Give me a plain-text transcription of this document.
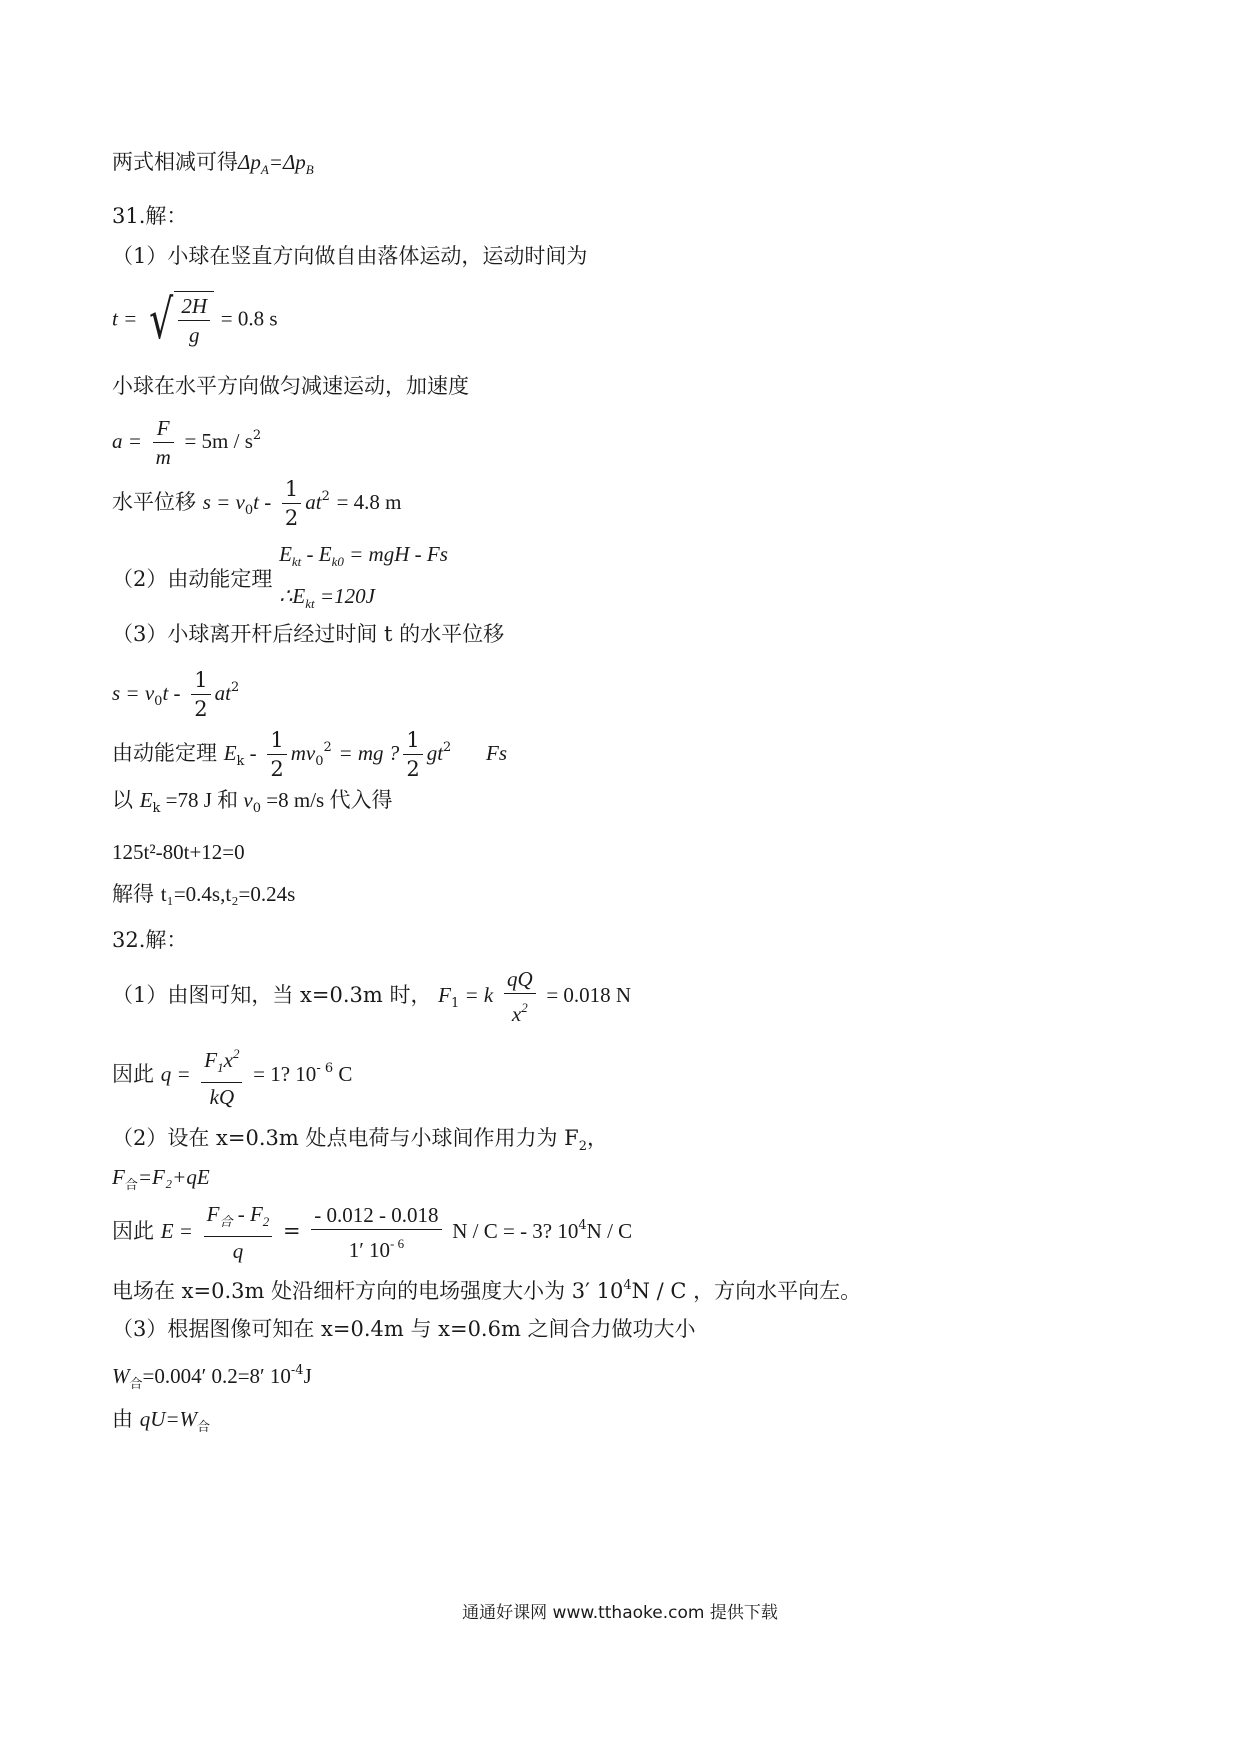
两式相减可得$\Delta p_A=\Delta p_B$
31.解：
（1）小球在竖直方向做自由落体运动，运动时间为
t = √ $\frac{2H}{g} = 0.8$ s
小球在水平方向做匀减速运动，加速度
$a = \frac{F}{m} = 5m / s^2$
水平位移 $s = v_0t - \frac{1}{2} at^2 = 4.8$ m
（2）由动能定理 $E_{kt} - E_{k0}$ = mgH - Fs
$\therefore E_{kt} =120J$
（3）小球离开杆后经过时间 t 的水平位移
$s = v_0t - \frac{1}{2} at^2$
由动能定理 $E_k - \frac{1}{2} mv_0^2$ = mg ? $\frac{1}{2} gt^2$ Fs
以 $E_k =78$ J 和 $v_0 =8$ m/s 代入得
125t²-80t+12=0
解得 t₁=0.4s,t₂=0.24s
32.解：
（1）由图可知，当 x=0.3m 时， $F_1 = k \frac{qQ}{x^2} = 0.018$ N
因此 $q = \frac{F_1x^2}{kQ} = 1$? $10^{- 6}$ C
（2）设在 x=0.3m 处点电荷与小球间作用力为 $F_2$，
$F_合=F_2+qE$
因此 $E = \frac{F_合 - F_2}{q} = \frac{- 0.012 - 0.018}{1' 10^{- 6}}$ N / C = - 3? $10^4N$ / C
电场在 x=0.3m 处沿细杆方向的电场强度大小为 3′ $10^4N$ / C ，方向水平向左。
（3）根据图像可知在 x=0.4m 与 x=0.6m 之间合力做功大小
$W_合=0.004'$ 0.2=8′ $10^{-4}J$
由 $qU=W_合$
通通好课网 www.tthaoke.com 提供下载
